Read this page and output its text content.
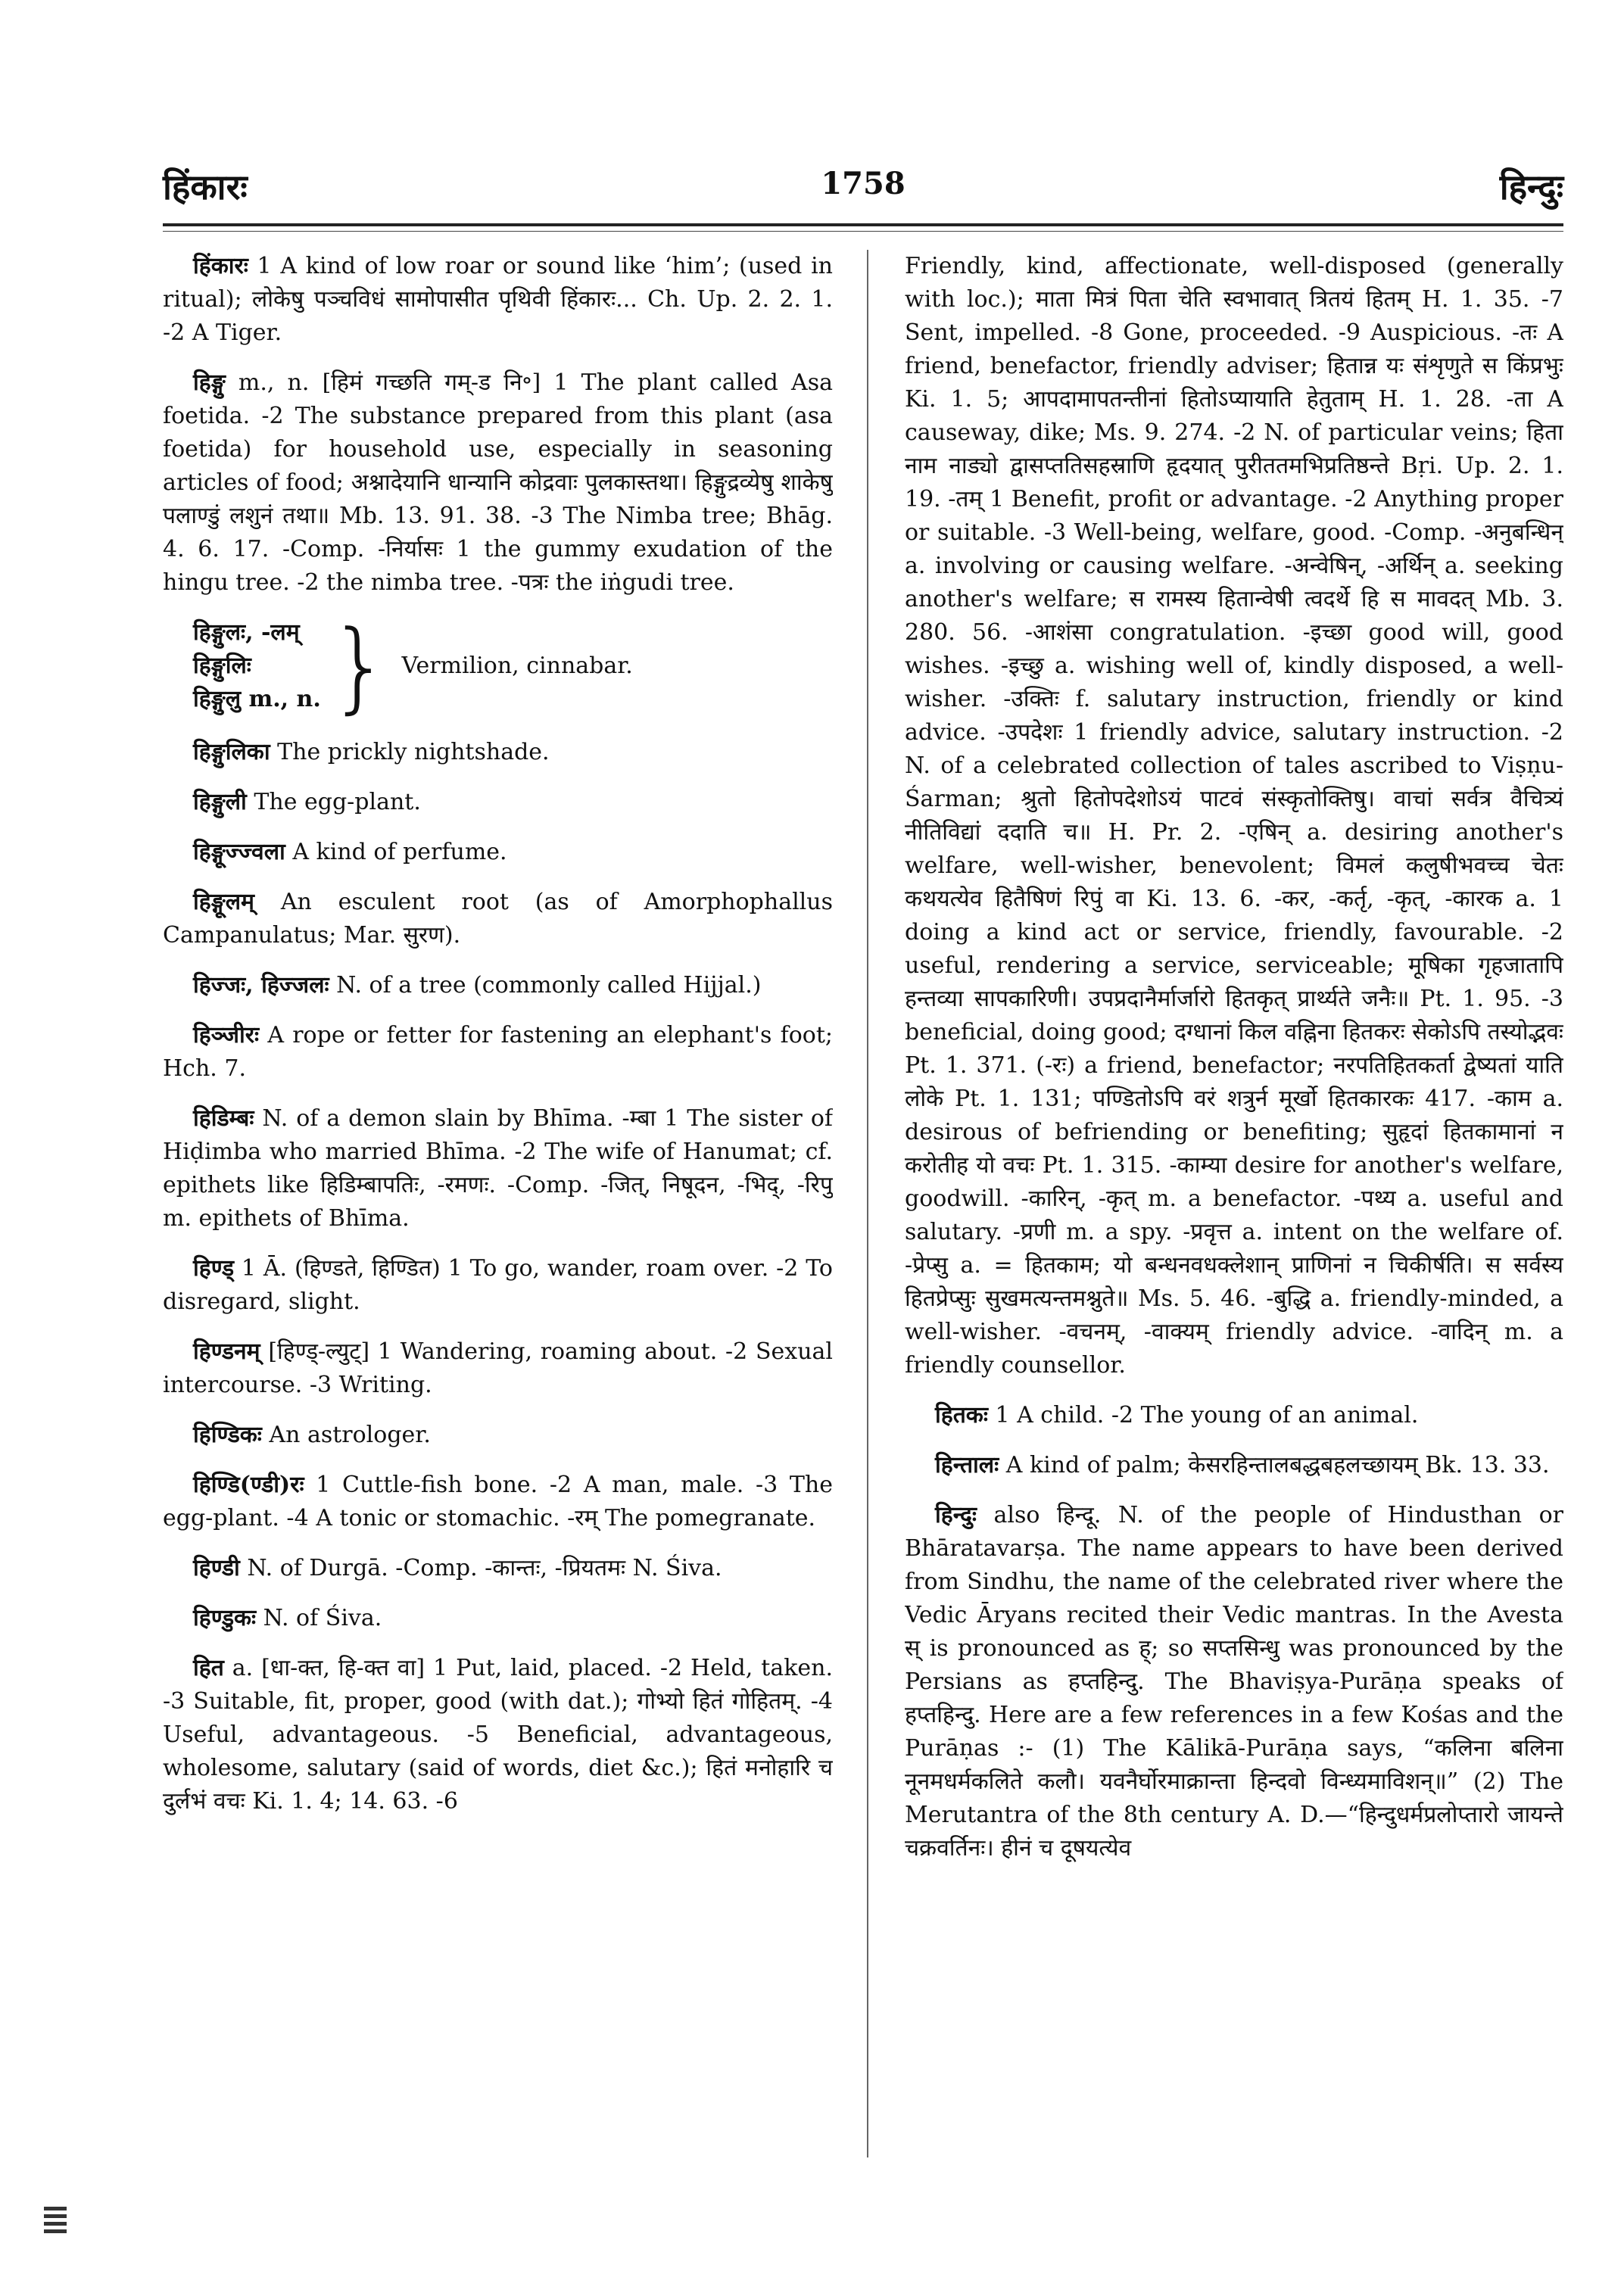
हिंकारः	1758	हिन्दुः

हिंकारः 1 A kind of low roar or sound like ‘him’; (used in ritual); लोकेषु पञ्चविधं सामोपासीत पृथिवी हिंकारः... Ch. Up. 2. 2. 1. -2 A Tiger.

हिङ्गु m., n. [हिमं गच्छति गम्-ड नि॰] 1 The plant called Asa foetida. -2 The substance prepared from this plant (asa foetida) for household use, especially in seasoning articles of food; अश्नादेयानि धान्यानि कोद्रवाः पुलकास्तथा। हिङ्गुद्रव्येषु शाकेषु पलाण्डुं लशुनं तथा॥ Mb. 13. 91. 38. -3 The Nimba tree; Bhāg. 4. 6. 17. -Comp. -निर्यासः 1 the gummy exudation of the hingu tree. -2 the nimba tree. -पत्रः the iṅgudi tree.

हिङ्गुलः, -लम्
हिङ्गुलिः
हिङ्गुलु m., n. } Vermilion, cinnabar.

हिङ्गुलिका The prickly nightshade.

हिङ्गुली The egg-plant.

हिङ्गूज्ज्वला A kind of perfume.

हिङ्गूलम् An esculent root (as of Amorphophallus Campanulatus; Mar. सुरण).

हिज्जः, हिज्जलः N. of a tree (commonly called Hijjal.)

हिञ्जीरः A rope or fetter for fastening an elephant's foot; Hch. 7.

हिडिम्बः N. of a demon slain by Bhīma. -म्बा 1 The sister of Hiḍimba who married Bhīma. -2 The wife of Hanumat; cf. epithets like हिडिम्बापतिः, -रमणः. -Comp. -जित्, निषूदन, -भिद्, -रिपु m. epithets of Bhīma.

हिण्ड् 1 Ā. (हिण्डते, हिण्डित) 1 To go, wander, roam over. -2 To disregard, slight.

हिण्डनम् [हिण्ड्-ल्युट्] 1 Wandering, roaming about. -2 Sexual intercourse. -3 Writing.

हिण्डिकः An astrologer.

हिण्डि(ण्डी)रः 1 Cuttle-fish bone. -2 A man, male. -3 The egg-plant. -4 A tonic or stomachic. -रम् The pomegranate.

हिण्डी N. of Durgā. -Comp. -कान्तः, -प्रियतमः N. Śiva.

हिण्डुकः N. of Śiva.

हित a. [धा-क्त, हि-क्त वा] 1 Put, laid, placed. -2 Held, taken. -3 Suitable, fit, proper, good (with dat.); गोभ्यो हितं गोहितम्. -4 Useful, advantageous. -5 Beneficial, advantageous, wholesome, salutary (said of words, diet &c.); हितं मनोहारि च दुर्लभं वचः Ki. 1. 4; 14. 63. -6

Friendly, kind, affectionate, well-disposed (generally with loc.); माता मित्रं पिता चेति स्वभावात् त्रितयं हितम् H. 1. 35. -7 Sent, impelled. -8 Gone, proceeded. -9 Auspicious. -तः A friend, benefactor, friendly adviser; हितान्न यः संशृणुते स किंप्रभुः Ki. 1. 5; आपदामापतन्तीनां हितोऽप्यायाति हेतुताम् H. 1. 28. -ता A causeway, dike; Ms. 9. 274. -2 N. of particular veins; हिता नाम नाड्यो द्वासप्ततिसहस्राणि हृदयात् पुरीततमभिप्रतिष्ठन्ते Bṛi. Up. 2. 1. 19. -तम् 1 Benefit, profit or advantage. -2 Anything proper or suitable. -3 Well-being, welfare, good. -Comp. -अनुबन्धिन् a. involving or causing welfare. -अन्वेषिन्, -अर्थिन् a. seeking another's welfare; स रामस्य हितान्वेषी त्वदर्थे हि स मावदत् Mb. 3. 280. 56. -आशंसा congratulation. -इच्छा good will, good wishes. -इच्छु a. wishing well of, kindly disposed, a well-wisher. -उक्तिः f. salutary instruction, friendly or kind advice. -उपदेशः 1 friendly advice, salutary instruction. -2 N. of a celebrated collection of tales ascribed to Viṣṇu-Śarman; श्रुतो हितोपदेशोऽयं पाटवं संस्कृतोक्तिषु। वाचां सर्वत्र वैचित्र्यं नीतिविद्यां ददाति च॥ H. Pr. 2. -एषिन् a. desiring another's welfare, well-wisher, benevolent; विमलं कलुषीभवच्च चेतः कथयत्येव हितैषिणं रिपुं वा Ki. 13. 6. -कर, -कर्तृ, -कृत्, -कारक a. 1 doing a kind act or service, friendly, favourable. -2 useful, rendering a service, serviceable; मूषिका गृहजातापि हन्तव्या सापकारिणी। उपप्रदानैर्मार्जारो हितकृत् प्रार्थ्यते जनैः॥ Pt. 1. 95. -3 beneficial, doing good; दग्धानां किल वह्निना हितकरः सेकोऽपि तस्योद्भवः Pt. 1. 371. (-रः) a friend, benefactor; नरपतिहितकर्ता द्वेष्यतां याति लोके Pt. 1. 131; पण्डितोऽपि वरं शत्रुर्न मूर्खो हितकारकः 417. -काम a. desirous of befriending or benefiting; सुहृदां हितकामानां न करोतीह यो वचः Pt. 1. 315. -काम्या desire for another's welfare, goodwill. -कारिन्, -कृत् m. a benefactor. -पथ्य a. useful and salutary. -प्रणी m. a spy. -प्रवृत्त a. intent on the welfare of. -प्रेप्सु a. = हितकाम; यो बन्धनवधक्लेशान् प्राणिनां न चिकीर्षति। स सर्वस्य हितप्रेप्सुः सुखमत्यन्तमश्नुते॥ Ms. 5. 46. -बुद्धि a. friendly-minded, a well-wisher. -वचनम्, -वाक्यम् friendly advice. -वादिन् m. a friendly counsellor.

हितकः 1 A child. -2 The young of an animal.

हिन्तालः A kind of palm; केसरहिन्तालबद्धबहलच्छायम् Bk. 13. 33.

हिन्दुः also हिन्दू. N. of the people of Hindusthan or Bhāratavarṣa. The name appears to have been derived from Sindhu, the name of the celebrated river where the Vedic Āryans recited their Vedic mantras. In the Avesta स् is pronounced as ह्; so सप्तसिन्धु was pronounced by the Persians as हप्तहिन्दु. The Bhaviṣya-Purāṇa speaks of हप्तहिन्दु. Here are a few references in a few Kośas and the Purāṇas :- (1) The Kālikā-Purāṇa says, “कलिना बलिना नूनमधर्मकलिते कलौ। यवनैर्घोरमाक्रान्ता हिन्दवो विन्ध्यमाविशन्॥” (2) The Merutantra of the 8th century A. D.—“हिन्दुधर्मप्रलोप्तारो जायन्ते चक्रवर्तिनः। हीनं च दूषयत्येव
